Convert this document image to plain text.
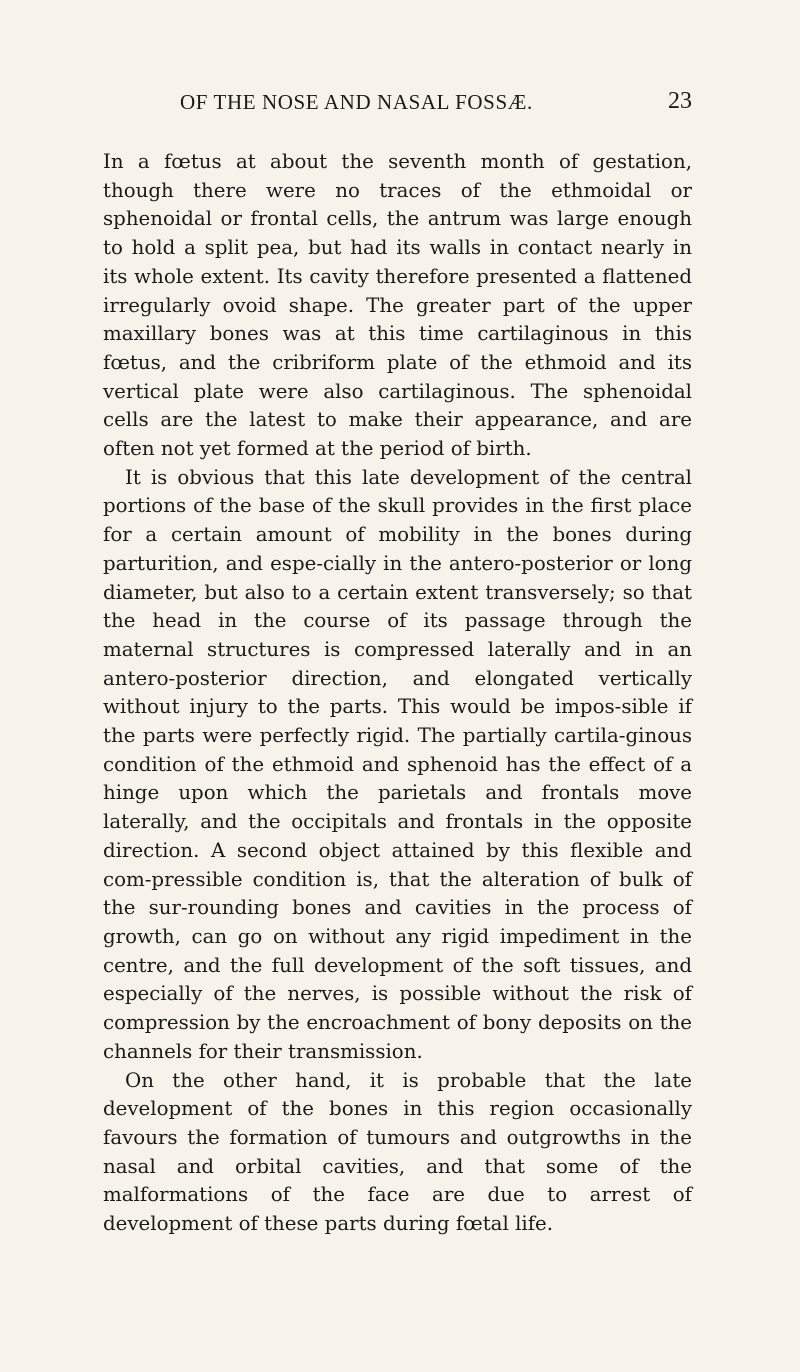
OF THE NOSE AND NASAL FOSSÆ.	23

In a fœtus at about the seventh month of gestation, though there were no traces of the ethmoidal or sphenoidal or frontal cells, the antrum was large enough to hold a split pea, but had its walls in contact nearly in its whole extent. Its cavity therefore presented a flattened irregularly ovoid shape. The greater part of the upper maxillary bones was at this time cartilaginous in this fœtus, and the cribriform plate of the ethmoid and its vertical plate were also cartilaginous. The sphenoidal cells are the latest to make their appearance, and are often not yet formed at the period of birth.

It is obvious that this late development of the central portions of the base of the skull provides in the first place for a certain amount of mobility in the bones during parturition, and espe-cially in the antero-posterior or long diameter, but also to a certain extent transversely; so that the head in the course of its passage through the maternal structures is compressed laterally and in an antero-posterior direction, and elongated vertically without injury to the parts. This would be impos-sible if the parts were perfectly rigid. The partially cartila-ginous condition of the ethmoid and sphenoid has the effect of a hinge upon which the parietals and frontals move laterally, and the occipitals and frontals in the opposite direction. A second object attained by this flexible and com-pressible condition is, that the alteration of bulk of the sur-rounding bones and cavities in the process of growth, can go on without any rigid impediment in the centre, and the full development of the soft tissues, and especially of the nerves, is possible without the risk of compression by the encroachment of bony deposits on the channels for their transmission.

On the other hand, it is probable that the late development of the bones in this region occasionally favours the formation of tumours and outgrowths in the nasal and orbital cavities, and that some of the malformations of the face are due to arrest of development of these parts during fœtal life.
